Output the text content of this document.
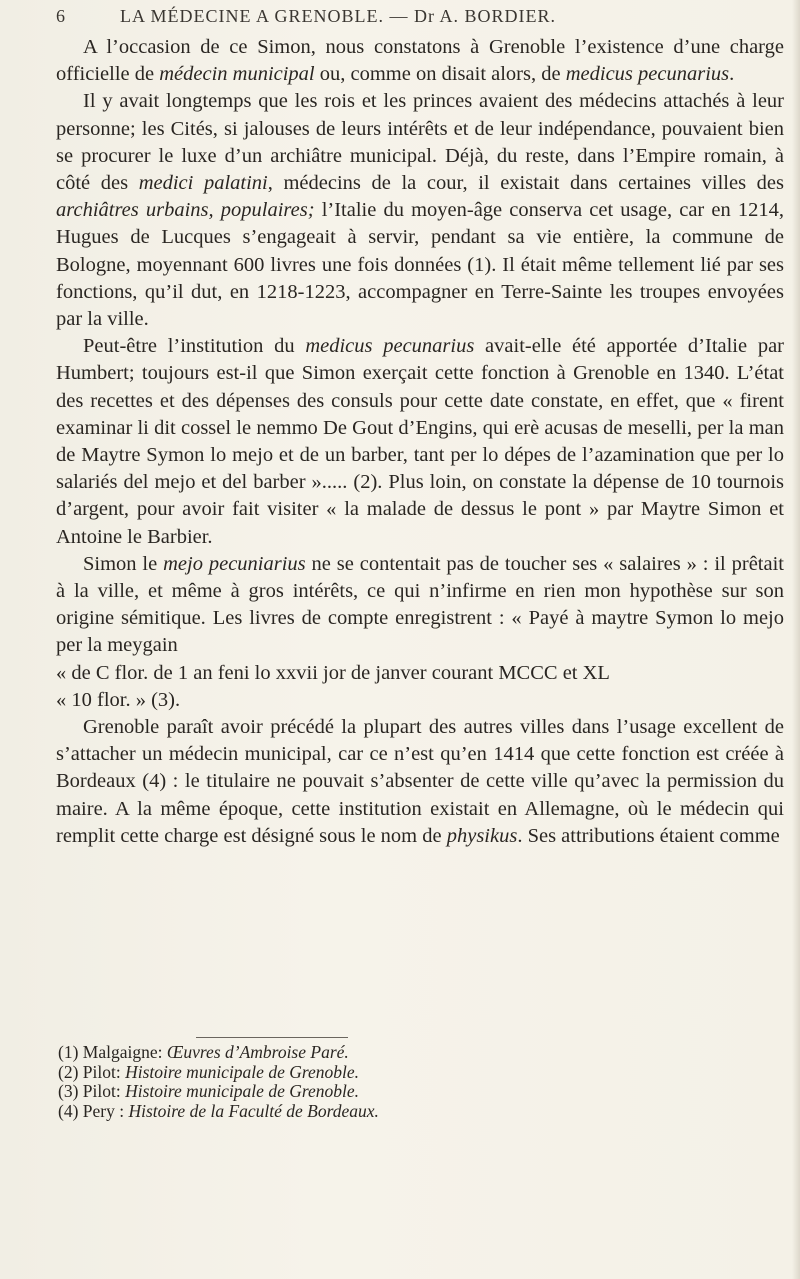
6	LA MÉDECINE A GRENOBLE. — Dr A. BORDIER.

A l’occasion de ce Simon, nous constatons à Grenoble l’existence d’une charge officielle de médecin municipal ou, comme on disait alors, de medicus pecunarius.

Il y avait longtemps que les rois et les princes avaient des médecins attachés à leur personne; les Cités, si jalouses de leurs intérêts et de leur indépendance, pouvaient bien se procurer le luxe d’un archiâtre municipal. Déjà, du reste, dans l’Empire romain, à côté des medici palatini, médecins de la cour, il existait dans certaines villes des archiâtres urbains, populaires; l’Italie du moyen-âge conserva cet usage, car en 1214, Hugues de Lucques s’engageait à servir, pendant sa vie entière, la commune de Bologne, moyennant 600 livres une fois données (1). Il était même tellement lié par ses fonctions, qu’il dut, en 1218-1223, accompagner en Terre-Sainte les troupes envoyées par la ville.

Peut-être l’institution du medicus pecunarius avait-elle été apportée d’Italie par Humbert; toujours est-il que Simon exerçait cette fonction à Grenoble en 1340. L’état des recettes et des dépenses des consuls pour cette date constate, en effet, que « firent examinar li dit cossel le nemmo De Gout d’Engins, qui erè acusas de meselli, per la man de Maytre Symon lo mejo et de un barber, tant per lo dépes de l’azamination que per lo salariés del mejo et del barber »..... (2). Plus loin, on constate la dépense de 10 tournois d’argent, pour avoir fait visiter « la malade de dessus le pont » par Maytre Simon et Antoine le Barbier.

Simon le mejo pecuniarius ne se contentait pas de toucher ses « salaires » : il prêtait à la ville, et même à gros intérêts, ce qui n’infirme en rien mon hypothèse sur son origine sémitique. Les livres de compte enregistrent : « Payé à maytre Symon lo mejo per la meygain
« de C flor. de 1 an feni lo xxvii jor de janver courant MCCC et XL
« 10 flor. » (3).

Grenoble paraît avoir précédé la plupart des autres villes dans l’usage excellent de s’attacher un médecin municipal, car ce n’est qu’en 1414 que cette fonction est créée à Bordeaux (4) : le titulaire ne pouvait s’absenter de cette ville qu’avec la permission du maire. A la même époque, cette institution existait en Allemagne, où le médecin qui remplit cette charge est désigné sous le nom de physikus. Ses attributions étaient comme

(1) Malgaigne: Œuvres d’Ambroise Paré.
(2) Pilot: Histoire municipale de Grenoble.
(3) Pilot: Histoire municipale de Grenoble.
(4) Pery : Histoire de la Faculté de Bordeaux.
